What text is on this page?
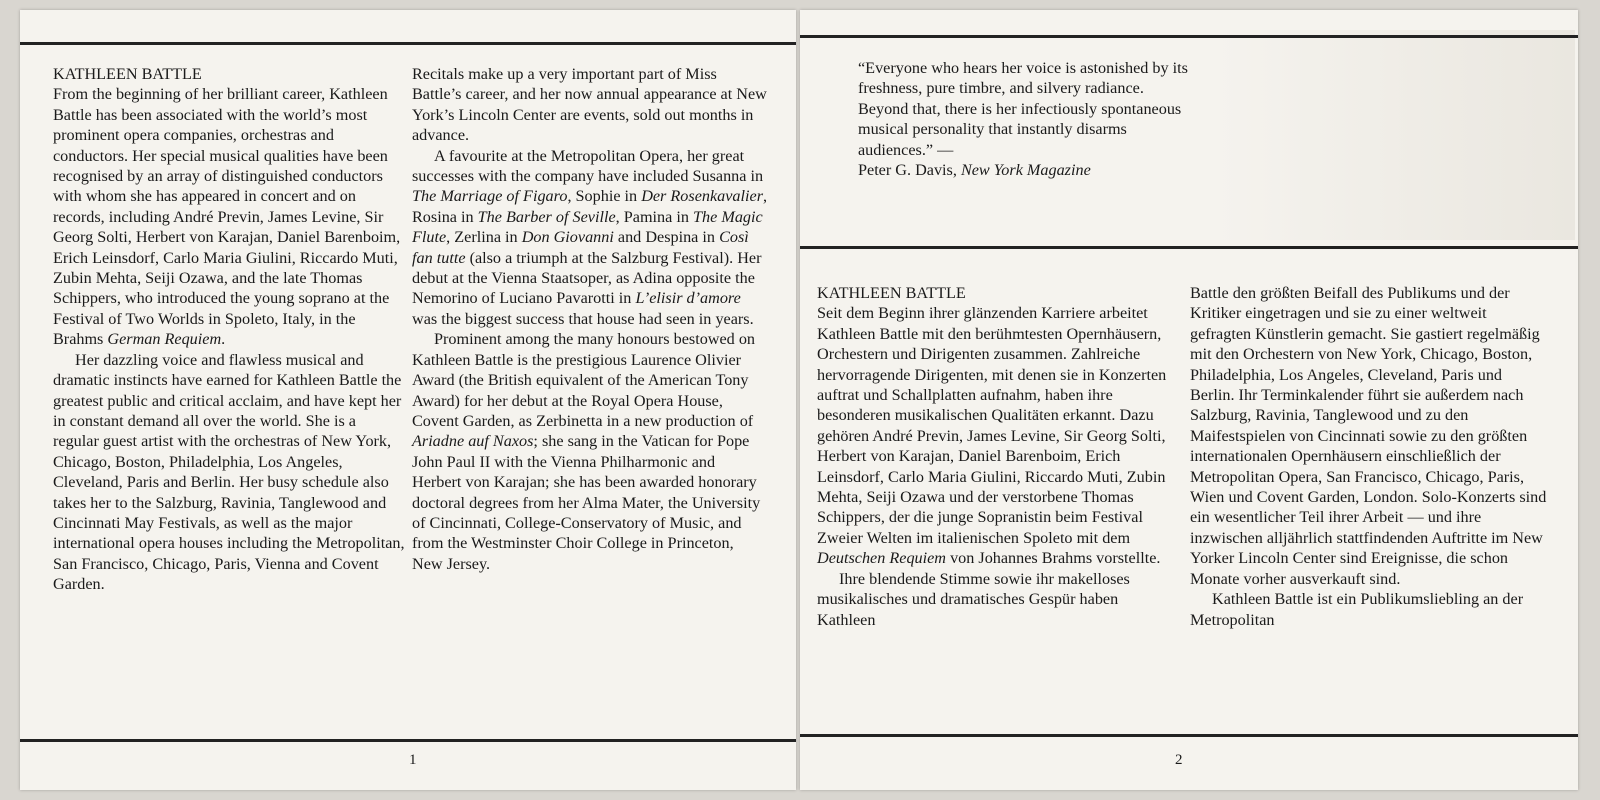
KATHLEEN BATTLE

From the beginning of her brilliant career, Kathleen Battle has been associated with the world’s most prominent opera companies, orchestras and conductors. Her special musical qualities have been recognised by an array of distinguished conductors with whom she has appeared in concert and on records, including André Previn, James Levine, Sir Georg Solti, Herbert von Karajan, Daniel Barenboim, Erich Leinsdorf, Carlo Maria Giulini, Riccardo Muti, Zubin Mehta, Seiji Ozawa, and the late Thomas Schippers, who introduced the young soprano at the Festival of Two Worlds in Spoleto, Italy, in the Brahms German Requiem.

Her dazzling voice and flawless musical and dramatic instincts have earned for Kathleen Battle the greatest public and critical acclaim, and have kept her in constant demand all over the world. She is a regular guest artist with the orchestras of New York, Chicago, Boston, Philadelphia, Los Angeles, Cleveland, Paris and Berlin. Her busy schedule also takes her to the Salzburg, Ravinia, Tanglewood and Cincinnati May Festivals, as well as the major international opera houses including the Metropolitan, San Francisco, Chicago, Paris, Vienna and Covent Garden.

Recitals make up a very important part of Miss Battle’s career, and her now annual appearance at New York’s Lincoln Center are events, sold out months in advance.

A favourite at the Metropolitan Opera, her great successes with the company have included Susanna in The Marriage of Figaro, Sophie in Der Rosenkavalier, Rosina in The Barber of Seville, Pamina in The Magic Flute, Zerlina in Don Giovanni and Despina in Così fan tutte (also a triumph at the Salzburg Festival). Her debut at the Vienna Staatsoper, as Adina opposite the Nemorino of Luciano Pavarotti in L’elisir d’amore was the biggest success that house had seen in years.

Prominent among the many honours bestowed on Kathleen Battle is the prestigious Laurence Olivier Award (the British equivalent of the American Tony Award) for her debut at the Royal Opera House, Covent Garden, as Zerbinetta in a new production of Ariadne auf Naxos; she sang in the Vatican for Pope John Paul II with the Vienna Philharmonic and Herbert von Karajan; she has been awarded honorary doctoral degrees from her Alma Mater, the University of Cincinnati, College-Conservatory of Music, and from the Westminster Choir College in Princeton, New Jersey.

1
“Everyone who hears her voice is astonished by its freshness, pure timbre, and silvery radiance. Beyond that, there is her infectiously spontaneous musical personality that instantly disarms audiences.” —
Peter G. Davis, New York Magazine
KATHLEEN BATTLE

Seit dem Beginn ihrer glänzenden Karriere arbeitet Kathleen Battle mit den berühmtesten Opernhäusern, Orchestern und Dirigenten zusammen. Zahlreiche hervorragende Dirigenten, mit denen sie in Konzerten auftrat und Schallplatten aufnahm, haben ihre besonderen musikalischen Qualitäten erkannt. Dazu gehören André Previn, James Levine, Sir Georg Solti, Herbert von Karajan, Daniel Barenboim, Erich Leinsdorf, Carlo Maria Giulini, Riccardo Muti, Zubin Mehta, Seiji Ozawa und der verstorbene Thomas Schippers, der die junge Sopranistin beim Festival Zweier Welten im italienischen Spoleto mit dem Deutschen Requiem von Johannes Brahms vorstellte.

Ihre blendende Stimme sowie ihr makelloses musikalisches und dramatisches Gespür haben Kathleen

Battle den größten Beifall des Publikums und der Kritiker eingetragen und sie zu einer weltweit gefragten Künstlerin gemacht. Sie gastiert regelmäßig mit den Orchestern von New York, Chicago, Boston, Philadelphia, Los Angeles, Cleveland, Paris und Berlin. Ihr Terminkalender führt sie außerdem nach Salzburg, Ravinia, Tanglewood und zu den Maifestspielen von Cincinnati sowie zu den größten internationalen Opernhäusern einschließlich der Metropolitan Opera, San Francisco, Chicago, Paris, Wien und Covent Garden, London. Solo-Konzerts sind ein wesentlicher Teil ihrer Arbeit — und ihre inzwischen alljährlich stattfindenden Auftritte im New Yorker Lincoln Center sind Ereignisse, die schon Monate vorher ausverkauft sind.

Kathleen Battle ist ein Publikumsliebling an der Metropolitan

2
